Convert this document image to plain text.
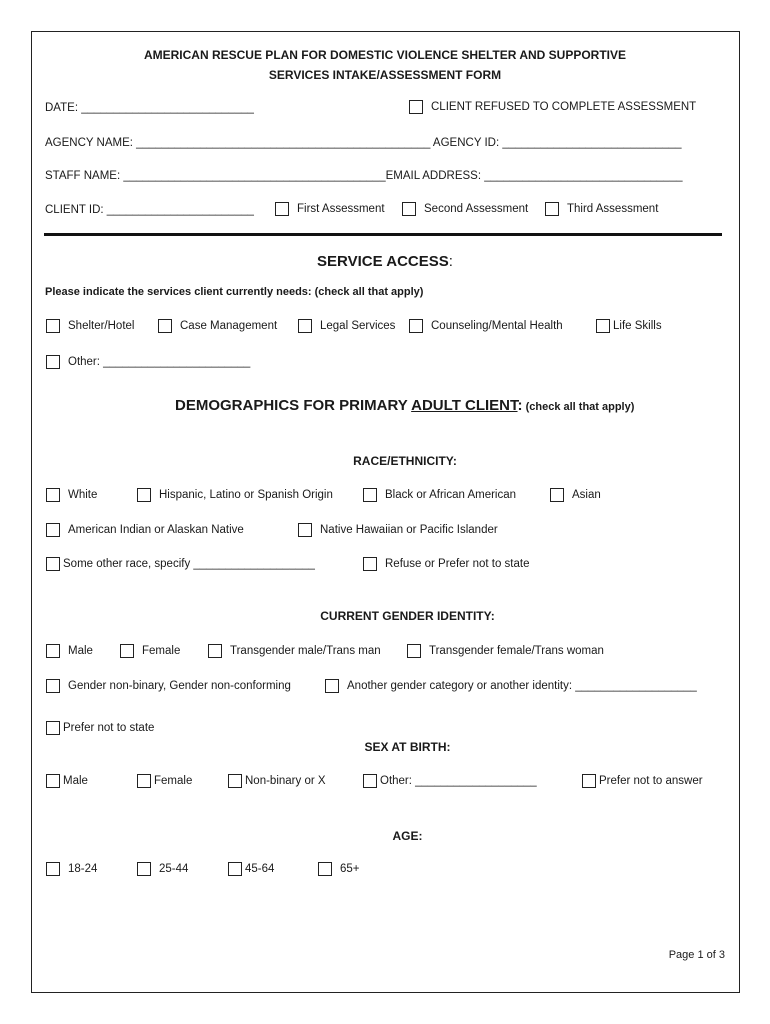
AMERICAN RESCUE PLAN FOR DOMESTIC VIOLENCE SHELTER AND SUPPORTIVE
SERVICES INTAKE/ASSESSMENT FORM
DATE: ___________________________	CLIENT REFUSED TO COMPLETE ASSESSMENT
AGENCY NAME: ______________________________________________ AGENCY ID: ____________________________
STAFF NAME: _________________________________________EMAIL ADDRESS: _______________________________
CLIENT ID: _______________________	First Assessment	Second Assessment	Third Assessment
SERVICE ACCESS:
Please indicate the services client currently needs: (check all that apply)
Shelter/Hotel	Case Management	Legal Services	Counseling/Mental Health	Life Skills
Other: _______________________
DEMOGRAPHICS FOR PRIMARY ADULT CLIENT: (check all that apply)
RACE/ETHNICITY:
White	Hispanic, Latino or Spanish Origin	Black or African American	Asian
American Indian or Alaskan Native	Native Hawaiian or Pacific Islander
Some other race, specify ___________________	Refuse or Prefer not to state
CURRENT GENDER IDENTITY:
Male	Female	Transgender male/Trans man	Transgender female/Trans woman
Gender non-binary, Gender non-conforming	Another gender category or another identity: ___________________
Prefer not to state
SEX AT BIRTH:
Male	Female	Non-binary or X	Other: ___________________	Prefer not to answer
AGE:
18-24	25-44	45-64	65+
Page 1 of 3
